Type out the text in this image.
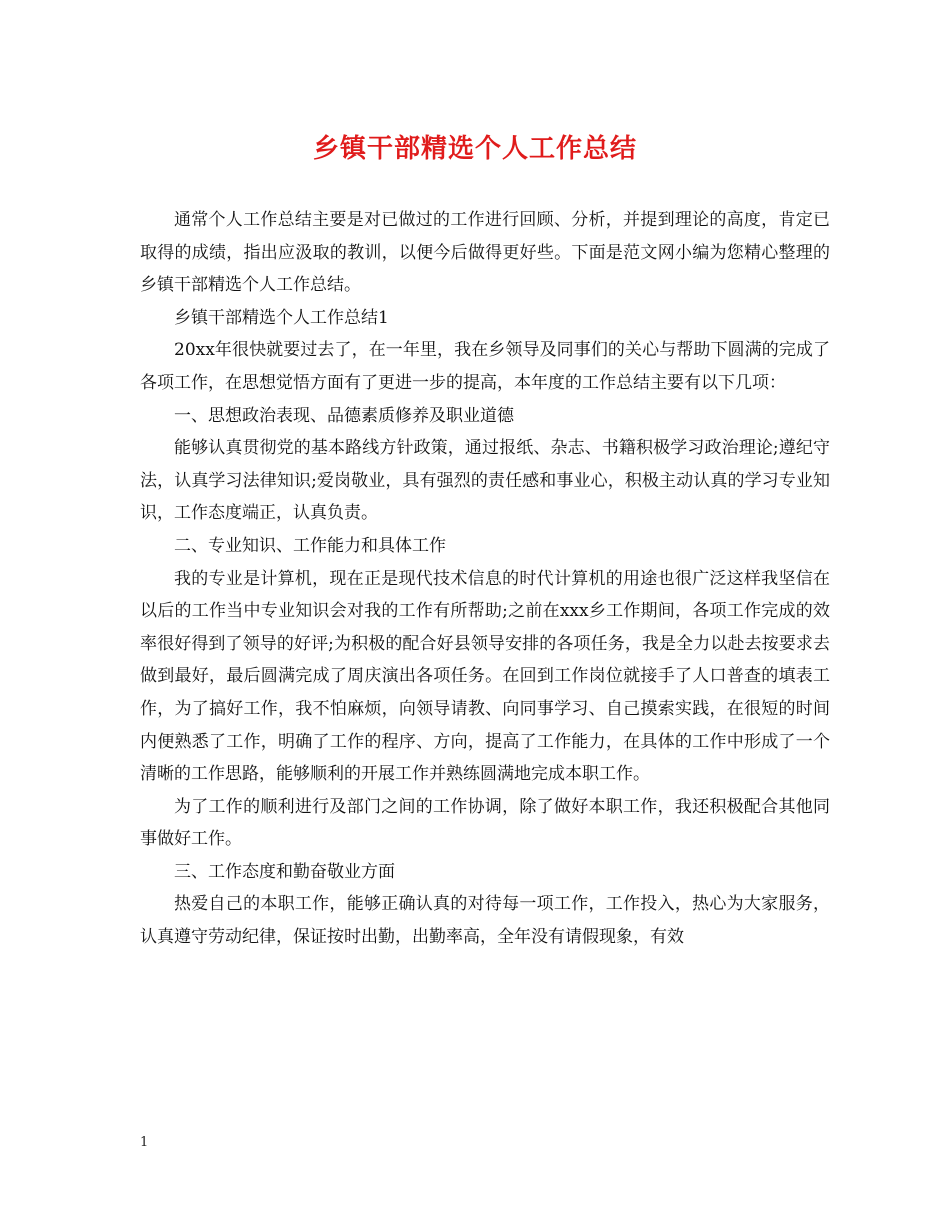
乡镇干部精选个人工作总结

通常个人工作总结主要是对已做过的工作进行回顾、分析，并提到理论的高度，肯定已取得的成绩，指出应汲取的教训，以便今后做得更好些。下面是范文网小编为您精心整理的乡镇干部精选个人工作总结。

乡镇干部精选个人工作总结1

20xx年很快就要过去了，在一年里，我在乡领导及同事们的关心与帮助下圆满的完成了各项工作，在思想觉悟方面有了更进一步的提高，本年度的工作总结主要有以下几项：

一、思想政治表现、品德素质修养及职业道德

能够认真贯彻党的基本路线方针政策，通过报纸、杂志、书籍积极学习政治理论;遵纪守法，认真学习法律知识;爱岗敬业，具有强烈的责任感和事业心，积极主动认真的学习专业知识，工作态度端正，认真负责。

二、专业知识、工作能力和具体工作

我的专业是计算机，现在正是现代技术信息的时代计算机的用途也很广泛这样我坚信在以后的工作当中专业知识会对我的工作有所帮助;之前在xxx乡工作期间，各项工作完成的效率很好得到了领导的好评;为积极的配合好县领导安排的各项任务，我是全力以赴去按要求去做到最好，最后圆满完成了周庆演出各项任务。在回到工作岗位就接手了人口普查的填表工作，为了搞好工作，我不怕麻烦，向领导请教、向同事学习、自己摸索实践，在很短的时间内便熟悉了工作，明确了工作的程序、方向，提高了工作能力，在具体的工作中形成了一个清晰的工作思路，能够顺利的开展工作并熟练圆满地完成本职工作。

为了工作的顺利进行及部门之间的工作协调，除了做好本职工作，我还积极配合其他同事做好工作。

三、工作态度和勤奋敬业方面

热爱自己的本职工作，能够正确认真的对待每一项工作，工作投入，热心为大家服务，认真遵守劳动纪律，保证按时出勤，出勤率高，全年没有请假现象，有效

1
